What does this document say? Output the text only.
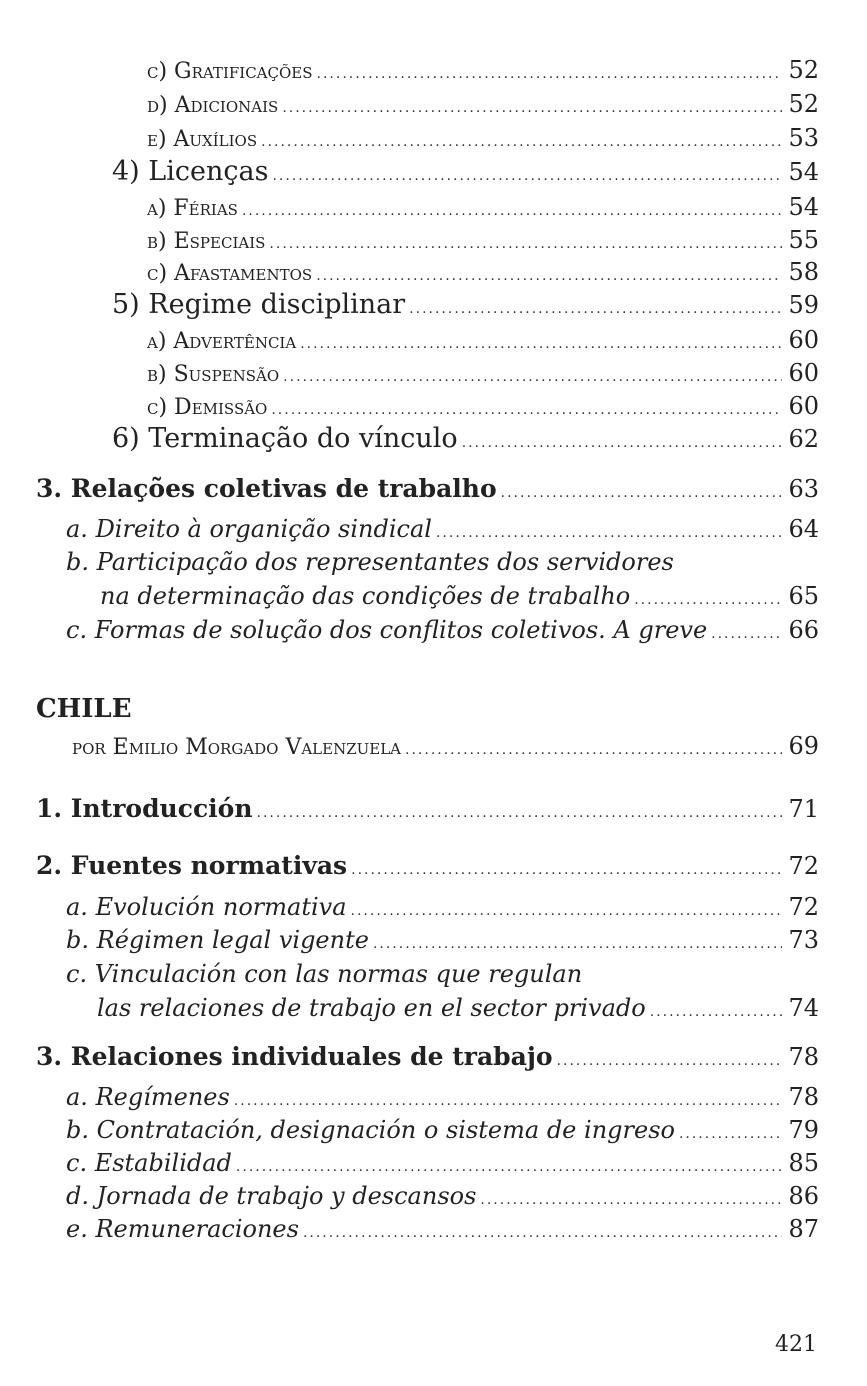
c) Gratificações .....	52
d) Adicionais .....	52
e) Auxílios .....	53
4) Licenças .....	54
a) Férias .....	54
b) Especiais .....	55
c) Afastamentos .....	58
5) Regime disciplinar .....	59
a) Advertência .....	60
b) Suspensão .....	60
c) Demissão .....	60
6) Terminação do vínculo .....	62
3. Relações coletivas de trabalho .....	63
a. Direito à organição sindical .....	64
b. Participação dos representantes dos servidores
na determinação das condições de trabalho .....	65
c. Formas de solução dos conflitos coletivos. A greve .....	66
CHILE
por Emilio Morgado Valenzuela .....	69
1. Introducción .....	71
2. Fuentes normativas .....	72
a. Evolución normativa .....	72
b. Régimen legal vigente .....	73
c. Vinculación con las normas que regulan
las relaciones de trabajo en el sector privado .....	74
3. Relaciones individuales de trabajo .....	78
a. Regímenes .....	78
b. Contratación, designación o sistema de ingreso .....	79
c. Estabilidad .....	85
d. Jornada de trabajo y descansos .....	86
e. Remuneraciones .....	87
421
